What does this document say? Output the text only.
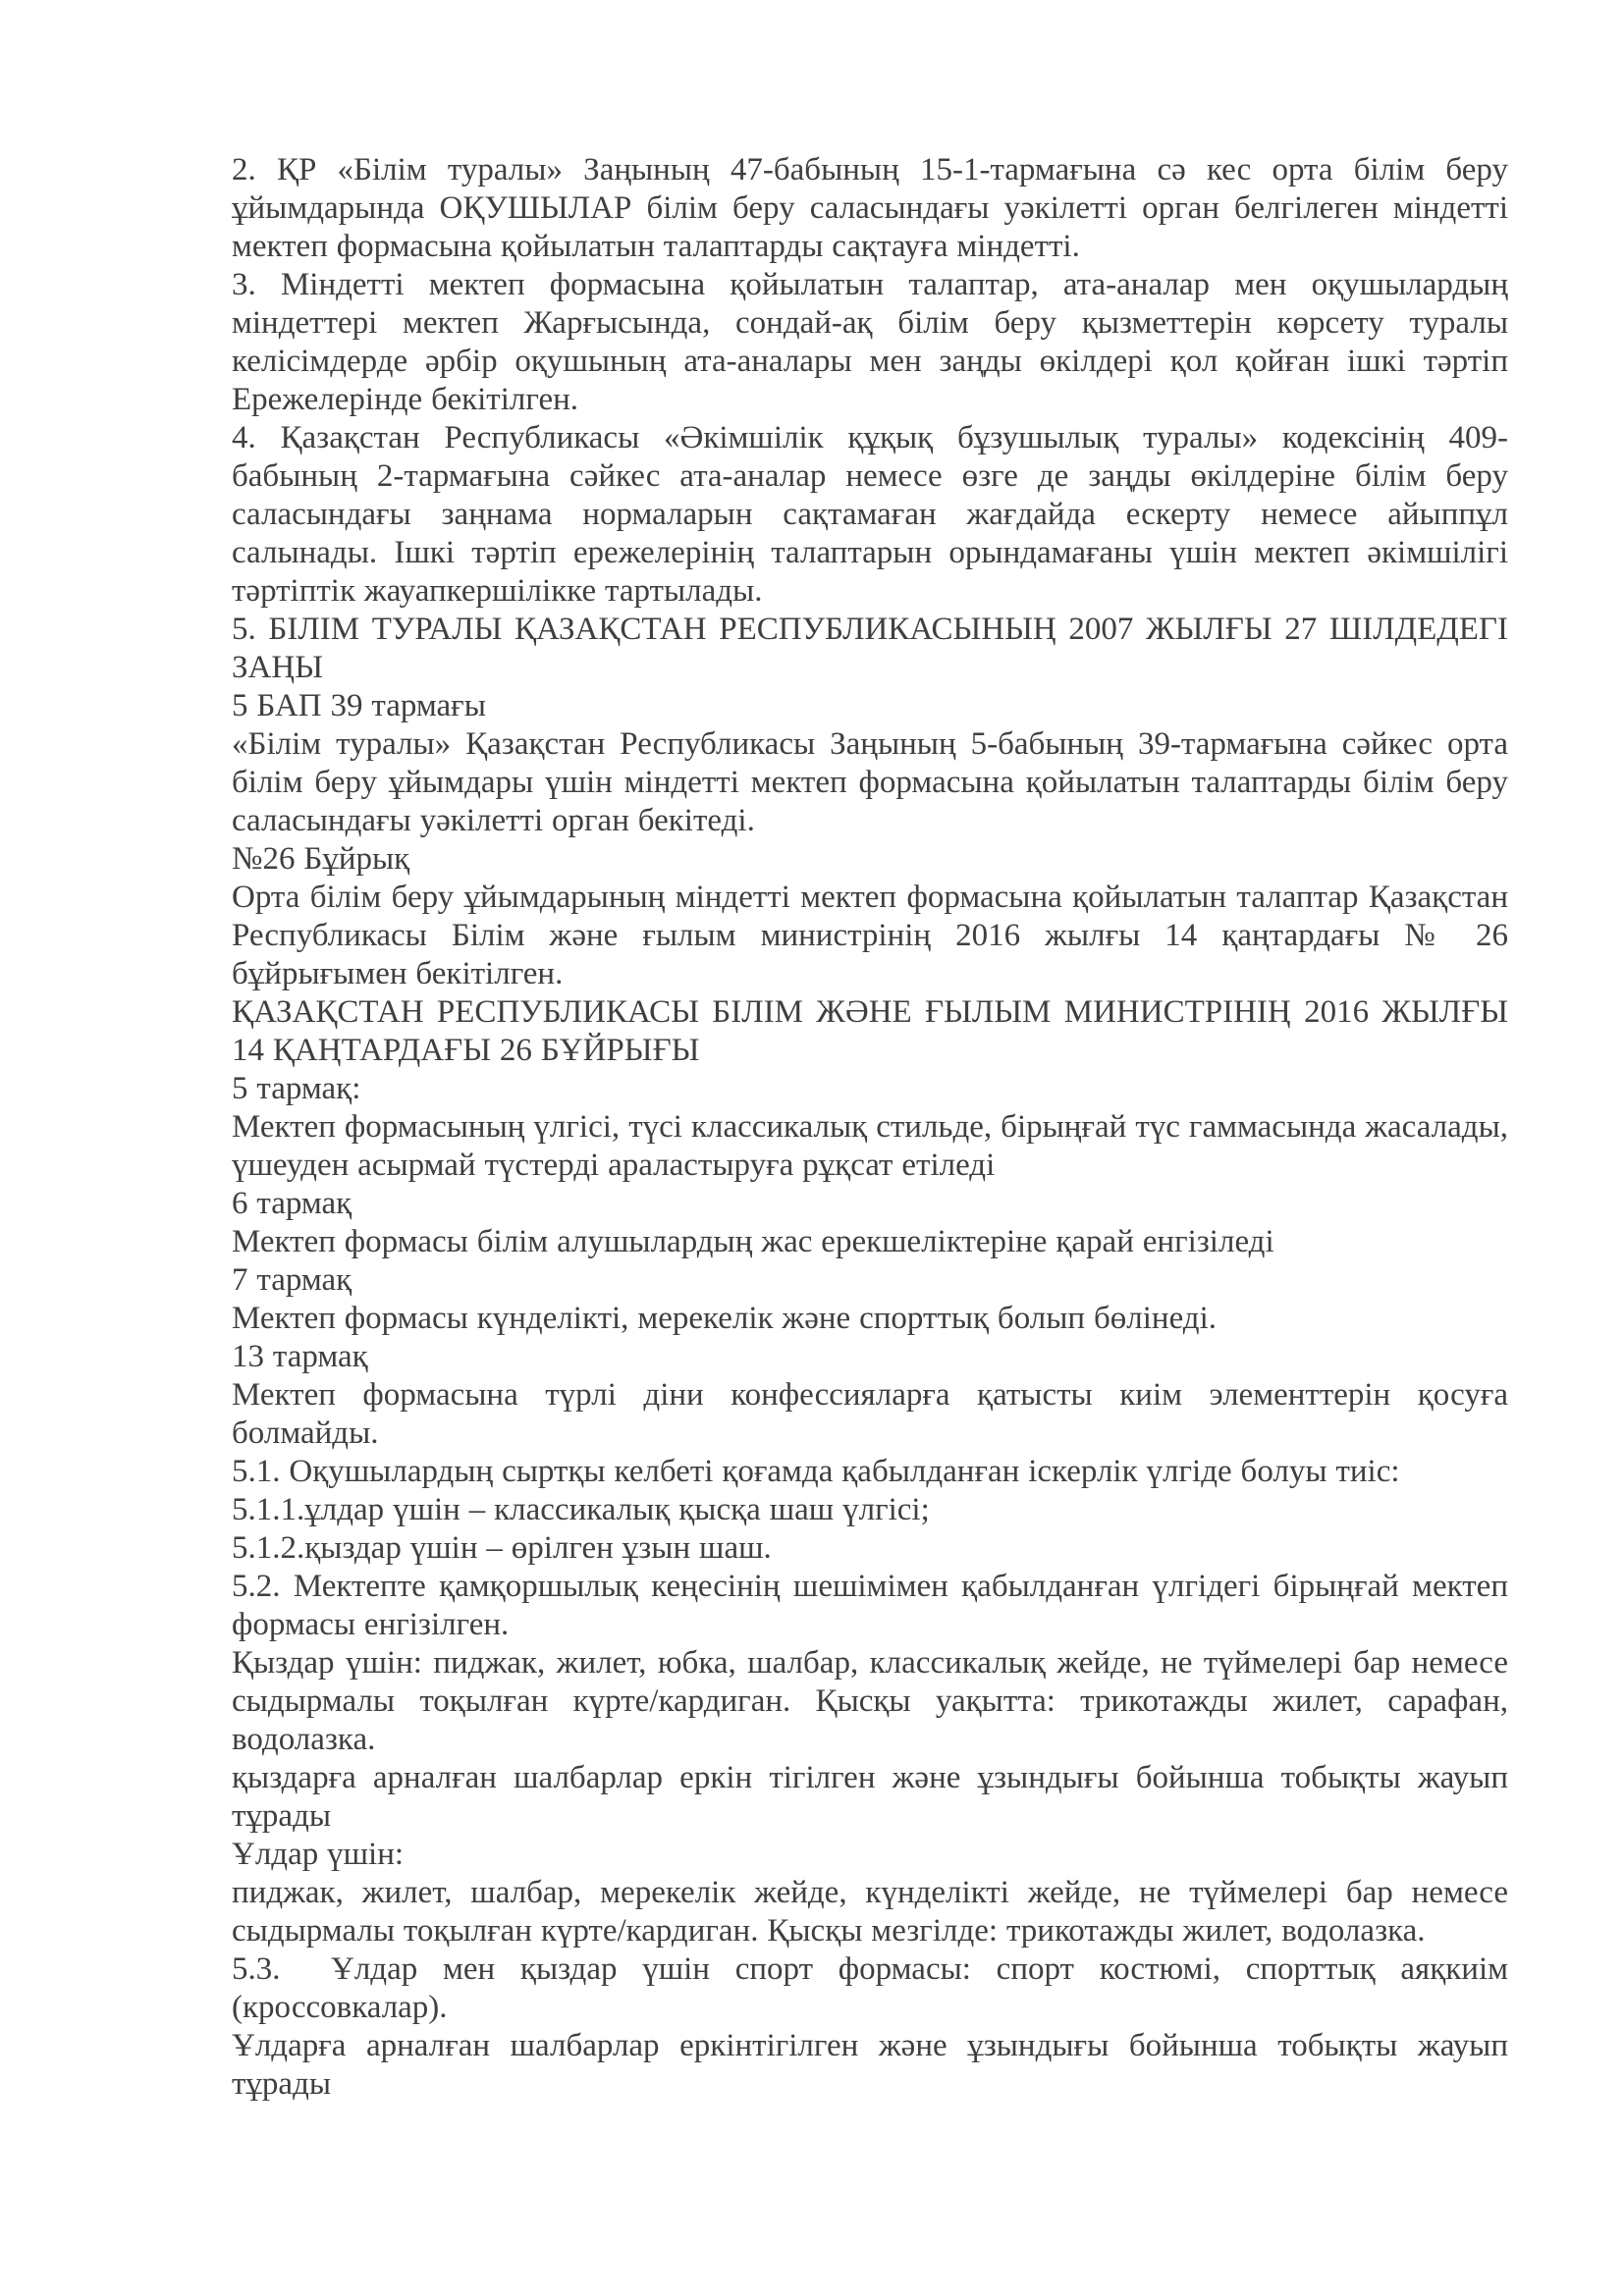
2. ҚР «Білім туралы» Заңының 47-бабының 15-1-тармағына сә кес орта білім беру ұйымдарында ОҚУШЫЛАР білім беру саласындағы уәкілетті орган белгілеген міндетті мектеп формасына қойылатын талаптарды сақтауға міндетті.

3. Міндетті мектеп формасына қойылатын талаптар, ата-аналар мен оқушылардың міндеттері мектеп Жарғысында, сондай-ақ білім беру қызметтерін көрсету туралы келісімдерде әрбір оқушының ата-аналары мен заңды өкілдері қол қойған ішкі тәртіп Ережелерінде бекітілген.

4. Қазақстан Республикасы «Әкімшілік құқық бұзушылық туралы» кодексінің 409-бабының 2-тармағына сәйкес ата-аналар немесе өзге де заңды өкілдеріне білім беру саласындағы заңнама нормаларын сақтамаған жағдайда ескерту немесе айыппұл салынады. Ішкі тәртіп ережелерінің талаптарын орындамағаны үшін мектеп әкімшілігі тәртіптік жауапкершілікке тартылады.

5. БІЛІМ ТУРАЛЫ ҚАЗАҚСТАН РЕСПУБЛИКАСЫНЫҢ 2007 ЖЫЛҒЫ 27 ШІЛДЕДЕГІ ЗАҢЫ

5 БАП 39 тармағы

«Білім туралы» Қазақстан Республикасы Заңының 5-бабының 39-тармағына сәйкес орта білім беру ұйымдары үшін міндетті мектеп формасына қойылатын талаптарды білім беру саласындағы уәкілетті орган бекітеді.

№26 Бұйрық

Орта білім беру ұйымдарының міндетті мектеп формасына қойылатын талаптар Қазақстан Республикасы Білім және ғылым министрінің 2016 жылғы 14 қаңтардағы № 26 бұйрығымен бекітілген.

ҚАЗАҚСТАН РЕСПУБЛИКАСЫ БІЛІМ ЖӘНЕ ҒЫЛЫМ МИНИСТРІНІҢ 2016 ЖЫЛҒЫ 14 ҚАҢТАРДАҒЫ 26 БҰЙРЫҒЫ

5 тармақ:

Мектеп формасының үлгісі, түсі классикалық стильде, бірыңғай түс гаммасында жасалады, үшеуден асырмай түстерді араластыруға рұқсат етіледі

6 тармақ

Мектеп формасы білім алушылардың жас ерекшеліктеріне қарай енгізіледі

7 тармақ

Мектеп формасы күнделікті, мерекелік және спорттық болып бөлінеді.

13 тармақ

Мектеп формасына түрлі діни конфессияларға қатысты киім элементтерін қосуға болмайды.

5.1. Оқушылардың сыртқы келбеті қоғамда қабылданған іскерлік үлгіде болуы тиіс:

5.1.1.ұлдар үшін – классикалық қысқа шаш үлгісі;

5.1.2.қыздар үшін – өрілген ұзын шаш.

5.2. Мектепте қамқоршылық кеңесінің шешімімен қабылданған үлгідегі бірыңғай мектеп формасы енгізілген.

Қыздар үшін: пиджак, жилет, юбка, шалбар, классикалық жейде, не түймелері бар немесе сыдырмалы тоқылған күрте/кардиган. Қысқы уақытта: трикотажды жилет, сарафан, водолазка.

қыздарға арналған шалбарлар еркін тігілген және ұзындығы бойынша тобықты жауып тұрады

Ұлдар үшін:

пиджак, жилет, шалбар, мерекелік жейде, күнделікті жейде, не түймелері бар немесе сыдырмалы тоқылған күрте/кардиган. Қысқы мезгілде: трикотажды жилет, водолазка.

5.3.  Ұлдар мен қыздар үшін спорт формасы: спорт костюмі, спорттық аяқкиім (кроссовкалар).

Ұлдарға арналған шалбарлар еркінтігілген және ұзындығы бойынша тобықты жауып тұрады
